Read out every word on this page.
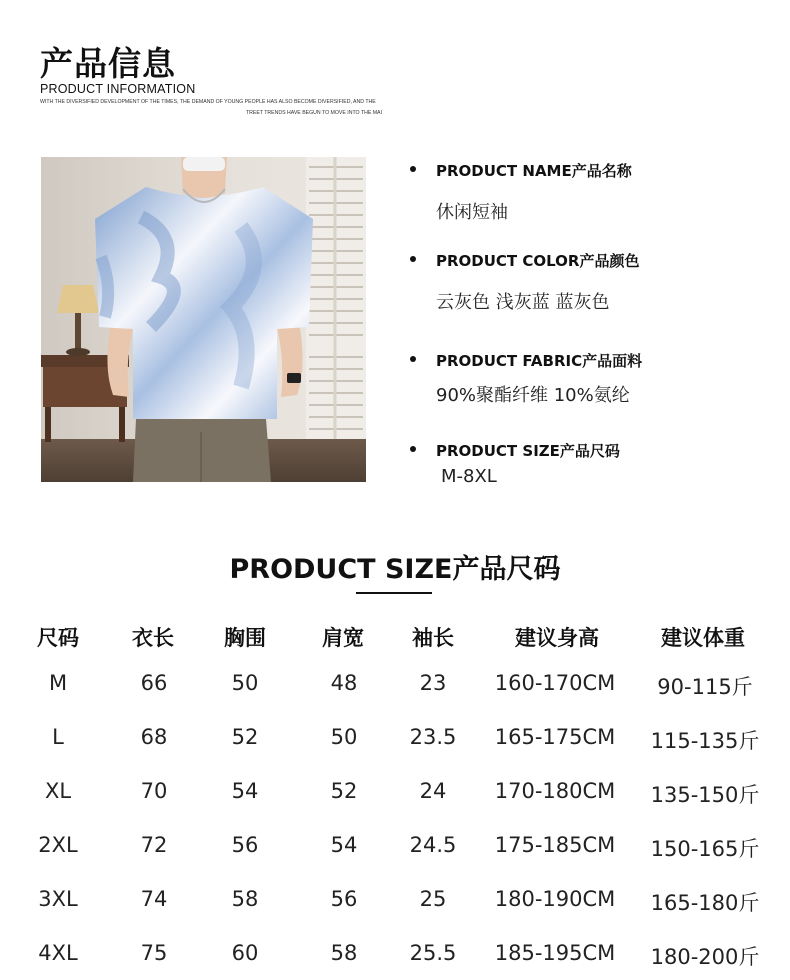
产品信息
PRODUCT INFORMATION
WITH THE DIVERSIFIED DEVELOPMENT OF THE TIMES, THE DEMAND OF YOUNG PEOPLE HAS ALSO BECOME DIVERSIFIED, AND THE
TREET TRENDS HAVE BEGUN TO MOVE INTO THE MAI
PRODUCT NAME产品名称
休闲短袖
PRODUCT COLOR产品颜色
云灰色 浅灰蓝 蓝灰色
PRODUCT FABRIC产品面料
90%聚酯纤维 10%氨纶
PRODUCT SIZE产品尺码
M-8XL
PRODUCT SIZE产品尺码
尺码	衣长 胸围	肩宽 袖长	建议身高	建议体重
M	66	50	48	23 160-170CM 90-115斤
L	68	52	50 23.5 165-175CM 115-135斤
XL	70	54	52	24 170-180CM 135-150斤
2XL	72	56	54 24.5 175-185CM 150-165斤
3XL	74	58	56	25 180-190CM 165-180斤
4XL	75	60	58 25.5 185-195CM 180-200斤
